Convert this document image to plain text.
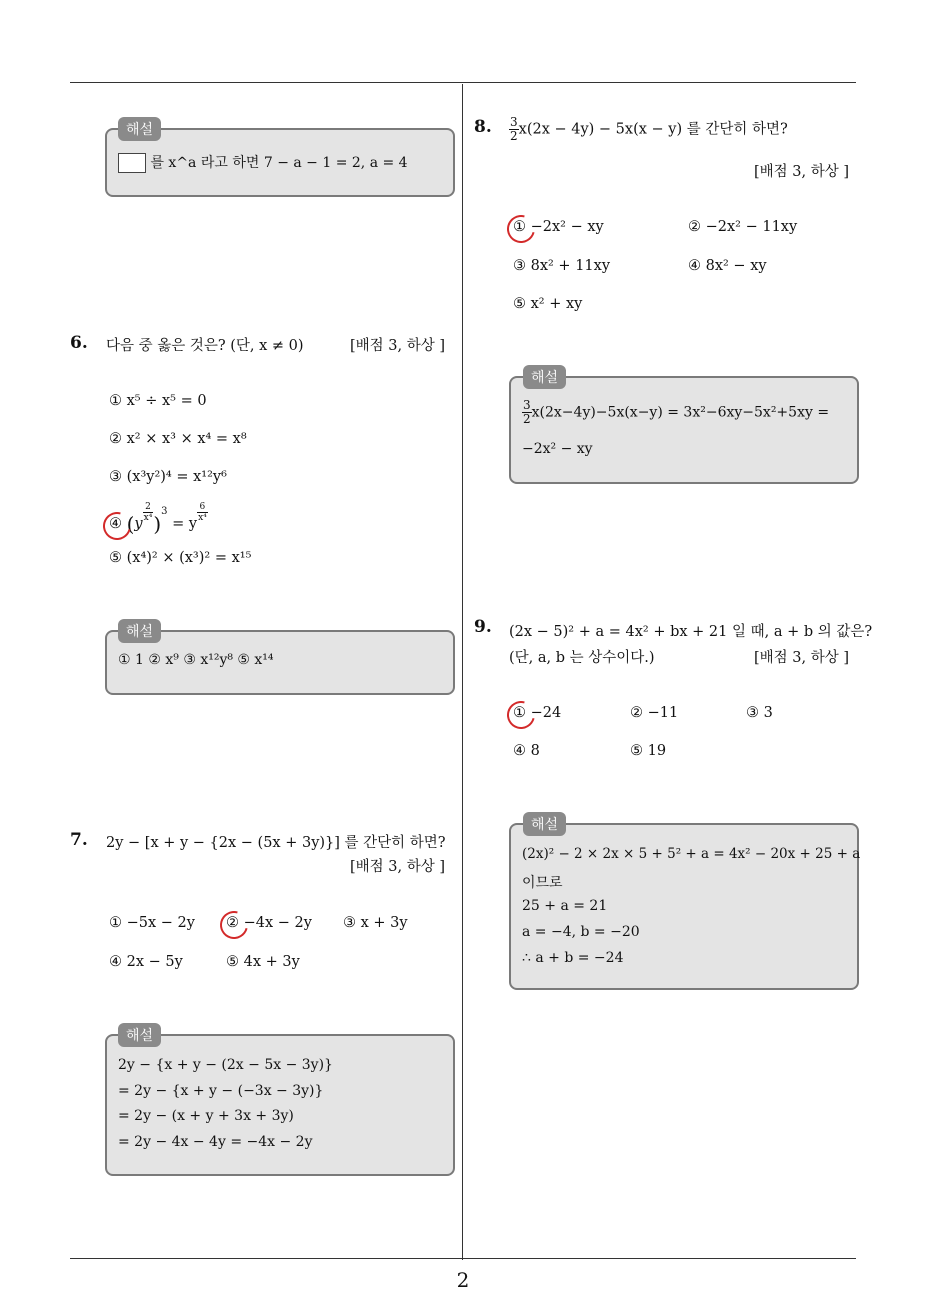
2
해설
를 x^a 라고 하면 7 − a − 1 = 2, a = 4
6. 다음 중 옳은 것은? (단, x ≠ 0)	[배점 3, 하상 ]
① x⁵ ÷ x⁵ = 0
② x² × x³ × x⁴ = x⁸
③ (x³y²)⁴ = x¹²y⁶
④ (y
$\frac{2}{\text{x⁴}} )^3 = y$
$\frac{6}{\text{x⁴}}$
⑤ (x⁴)² × (x³)² = x¹⁵
해설
① 1 ② x⁹ ③ x¹²y⁸ ⑤ x¹⁴
7. 2y − [x + y − {2x − (5x + 3y)}] 를 간단히 하면?
[배점 3, 하상 ]
① −5x − 2y ② −4x − 2y ③ x + 3y
④ 2x − 5y	⑤ 4x + 3y
해설
2y − {x + y − (2x − 5x − 3y)}
= 2y − {x + y − (−3x − 3y)}
= 2y − (x + y + 3x + 3y)
= 2y − 4x − 4y = −4x − 2y
8. $\frac{3}{2} x(2x - 4y) - 5x(x - y)$ 를 간단히 하면?
[배점 3, 하상 ]
① −2x² − xy	② −2x² − 11xy
③ 8x² + 11xy	④ 8x² − xy
⑤ x² + xy
해설
$\frac{3}{2} x(2x-4y)-5x(x-y) = 3x^2-6xy-5x^2+5xy$ =
−2x² − xy
9. (2x − 5)² + a = 4x² + bx + 21 일 때, a + b 의 값은?
(단, a, b 는 상수이다.)	[배점 3, 하상 ]
① −24	② −11	③ 3
④ 8	⑤ 19
해설
(2x)² − 2 × 2x × 5 + 5² + a = 4x² − 20x + 25 + a
이므로
25 + a = 21
a = −4, b = −20
∴ a + b = −24
